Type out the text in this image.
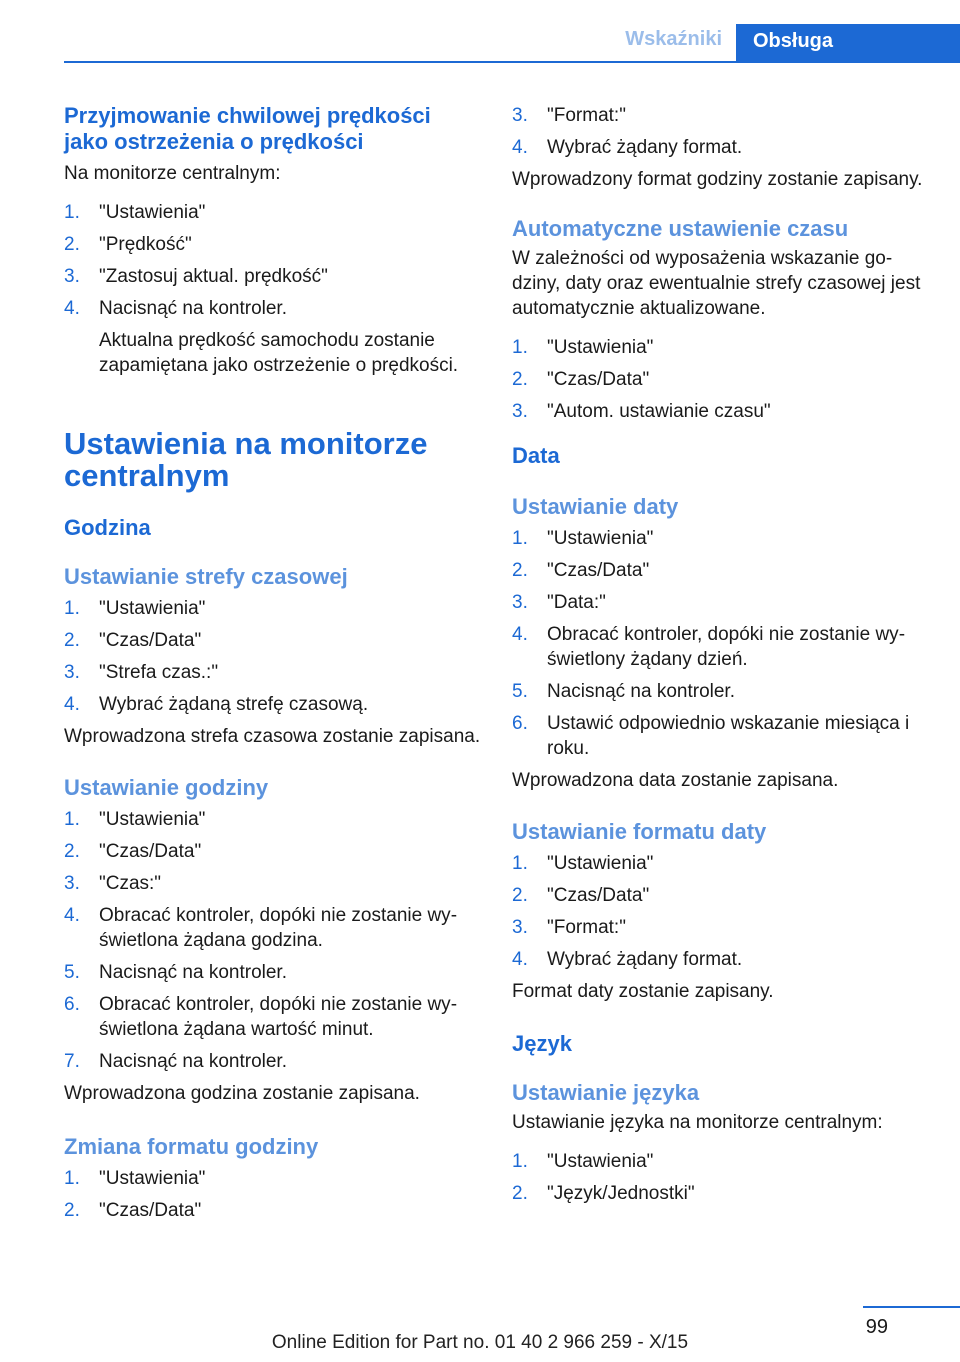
Wskaźniki	Obsługa
Przyjmowanie chwilowej prędkości jako ostrzeżenia o prędkości
Na monitorze centralnym:
1.	"Ustawienia"
2.	"Prędkość"
3.	"Zastosuj aktual. prędkość"
4.	Nacisnąć na kontroler.
Aktualna prędkość samochodu zostanie zapamiętana jako ostrzeżenie o prędkości.
Ustawienia na monitorze centralnym
Godzina
Ustawianie strefy czasowej
1.	"Ustawienia"
2.	"Czas/Data"
3.	"Strefa czas.:"
4.	Wybrać żądaną strefę czasową.
Wprowadzona strefa czasowa zostanie zapisana.
Ustawianie godziny
1.	"Ustawienia"
2.	"Czas/Data"
3.	"Czas:"
4.	Obracać kontroler, dopóki nie zostanie wyświetlona żądana godzina.
5.	Nacisnąć na kontroler.
6.	Obracać kontroler, dopóki nie zostanie wyświetlona żądana wartość minut.
7.	Nacisnąć na kontroler.
Wprowadzona godzina zostanie zapisana.
Zmiana formatu godziny
1.	"Ustawienia"
2.	"Czas/Data"
3.	"Format:"
4.	Wybrać żądany format.
Wprowadzony format godziny zostanie zapisany.
Automatyczne ustawienie czasu
W zależności od wyposażenia wskazanie godziny, daty oraz ewentualnie strefy czasowej jest automatycznie aktualizowane.
1.	"Ustawienia"
2.	"Czas/Data"
3.	"Autom. ustawianie czasu"
Data
Ustawianie daty
1.	"Ustawienia"
2.	"Czas/Data"
3.	"Data:"
4.	Obracać kontroler, dopóki nie zostanie wyświetlony żądany dzień.
5.	Nacisnąć na kontroler.
6.	Ustawić odpowiednio wskazanie miesiąca i roku.
Wprowadzona data zostanie zapisana.
Ustawianie formatu daty
1.	"Ustawienia"
2.	"Czas/Data"
3.	"Format:"
4.	Wybrać żądany format.
Format daty zostanie zapisany.
Język
Ustawianie języka
Ustawianie języka na monitorze centralnym:
1.	"Ustawienia"
2.	"Język/Jednostki"
99
Online Edition for Part no. 01 40 2 966 259 - X/15
